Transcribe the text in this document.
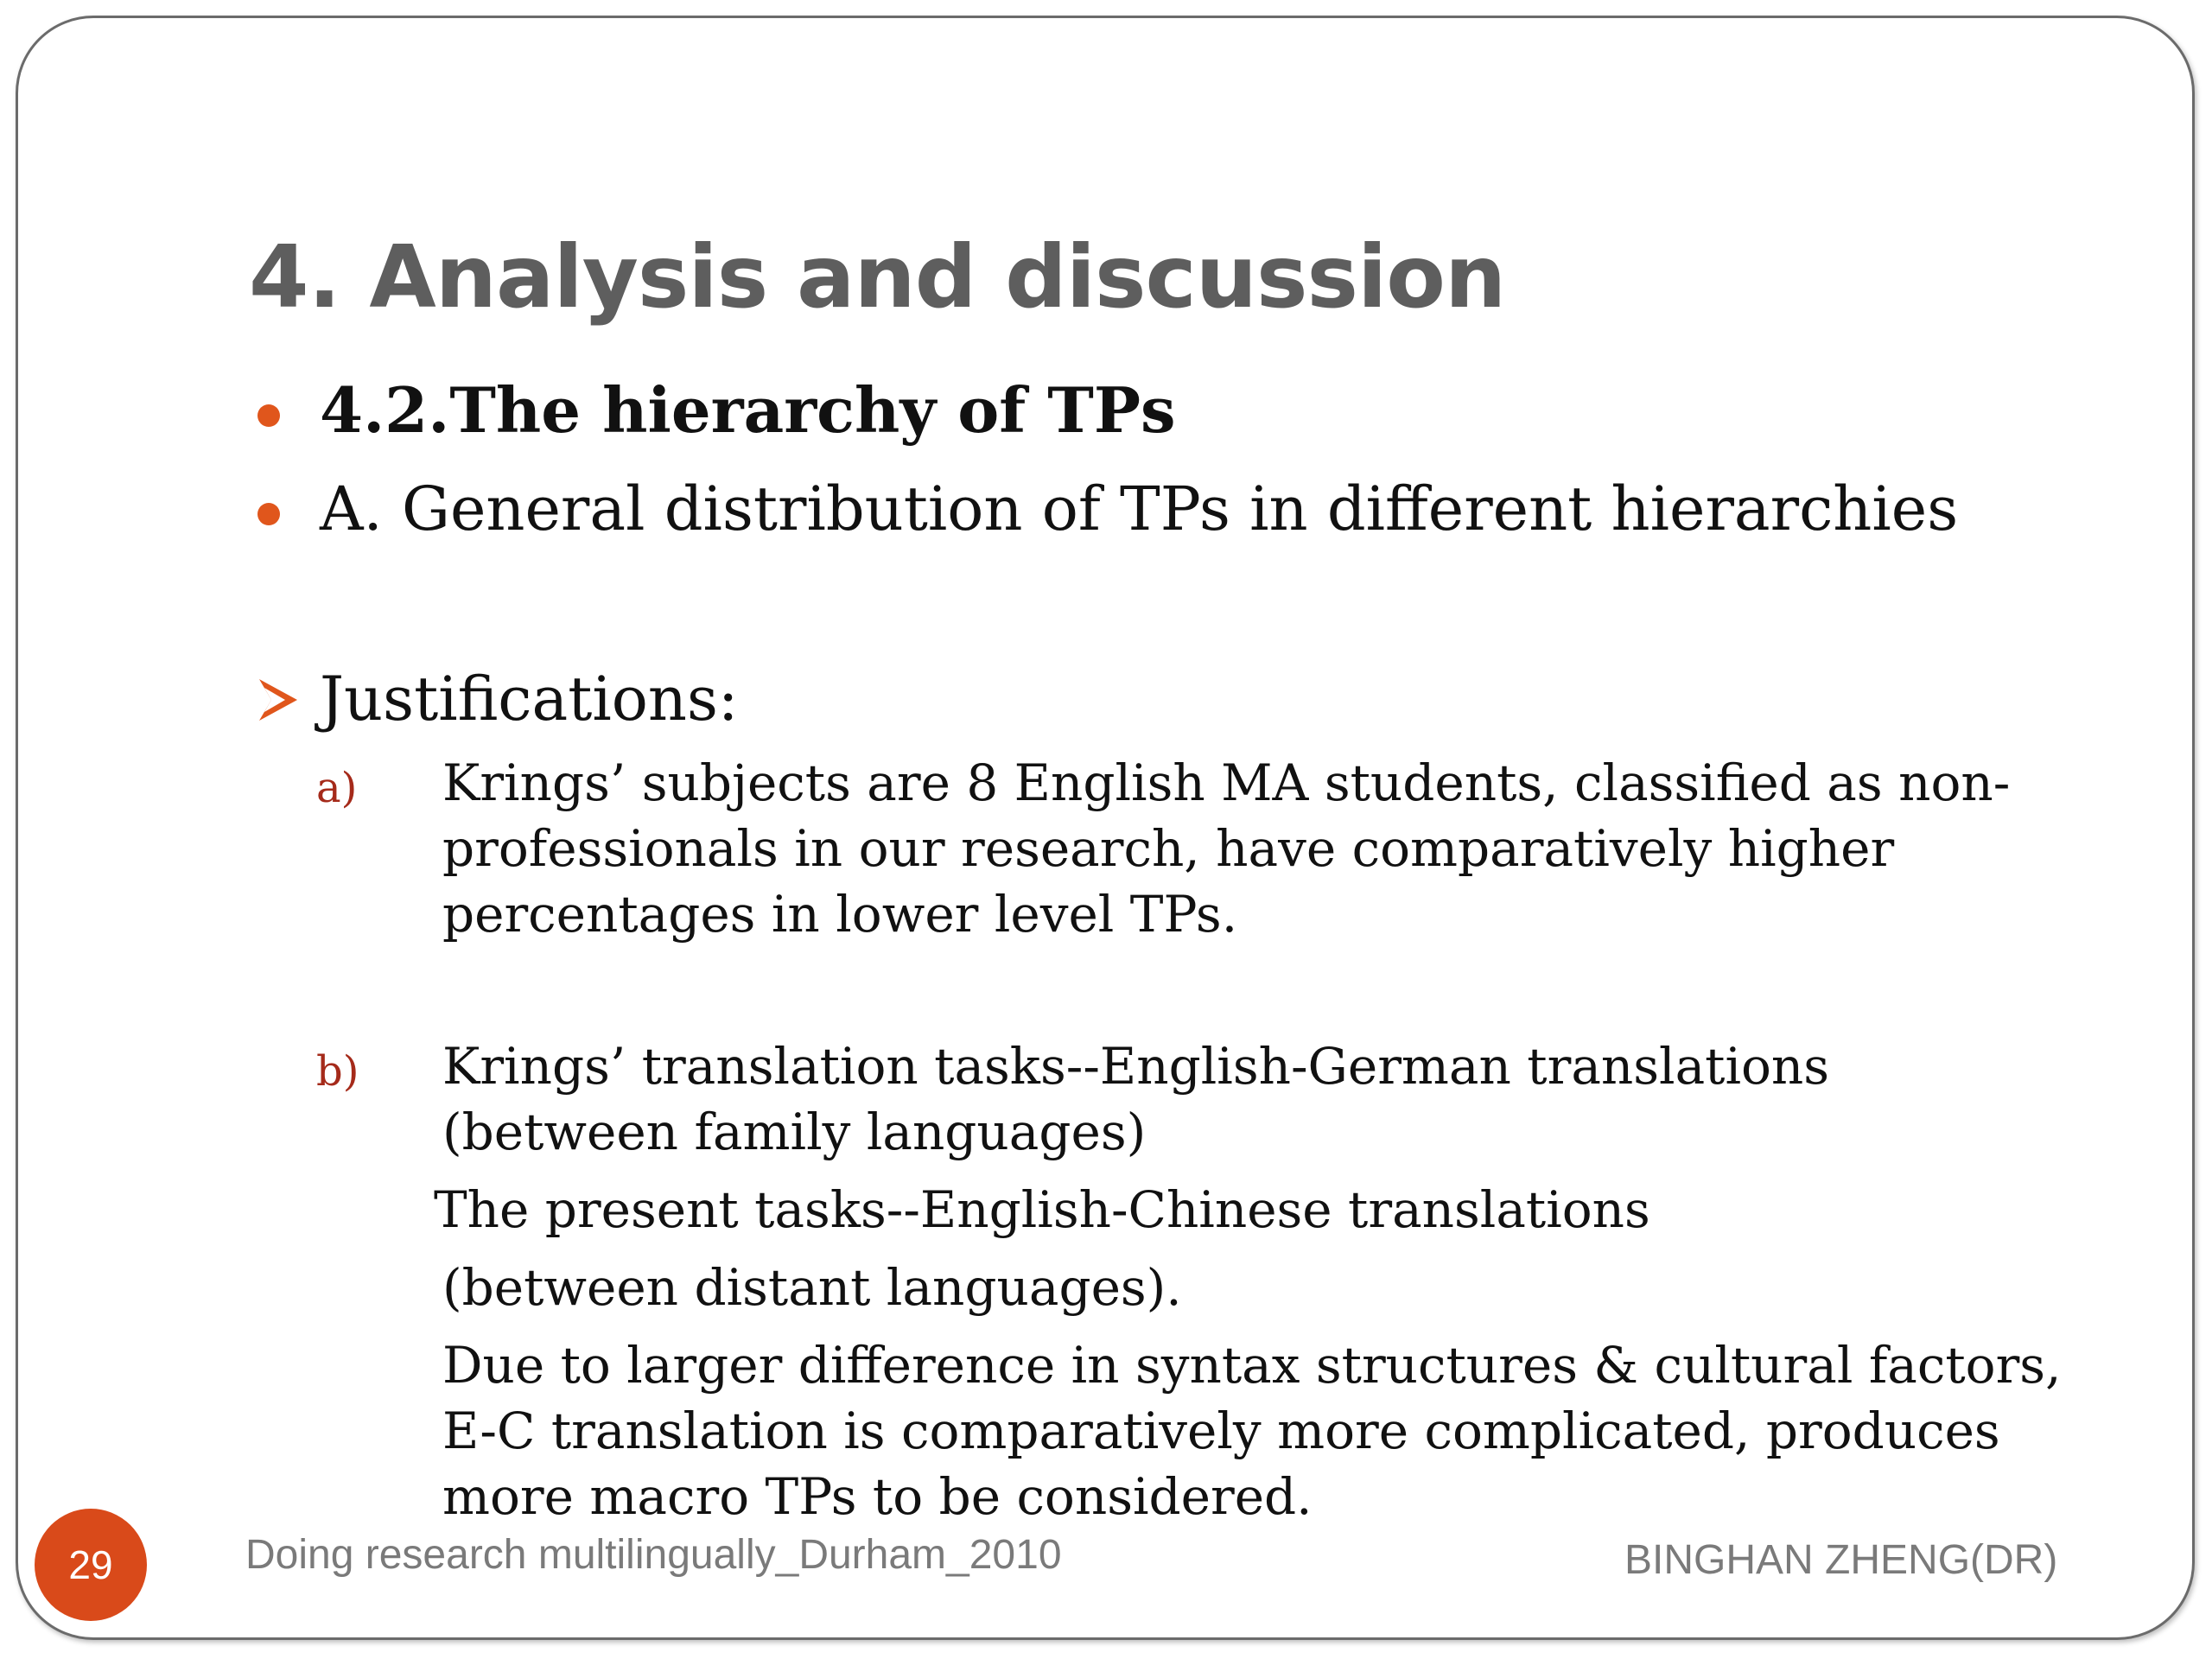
4. Analysis and discussion
4.2.The hierarchy of TPs
A. General distribution of TPs in different hierarchies
Justifications:
a) Krings’ subjects are 8 English MA students, classified as non-
professionals in our research, have comparatively higher
percentages in lower level TPs.

b) Krings’ translation tasks--English-German translations
(between family languages)

The present tasks--English-Chinese translations

(between distant languages).

Due to larger difference in syntax structures & cultural factors,
E-C translation is comparatively more complicated, produces
more macro TPs to be considered.

29	Doing research multilingually_Durham_2010	BINGHAN ZHENG(DR)
